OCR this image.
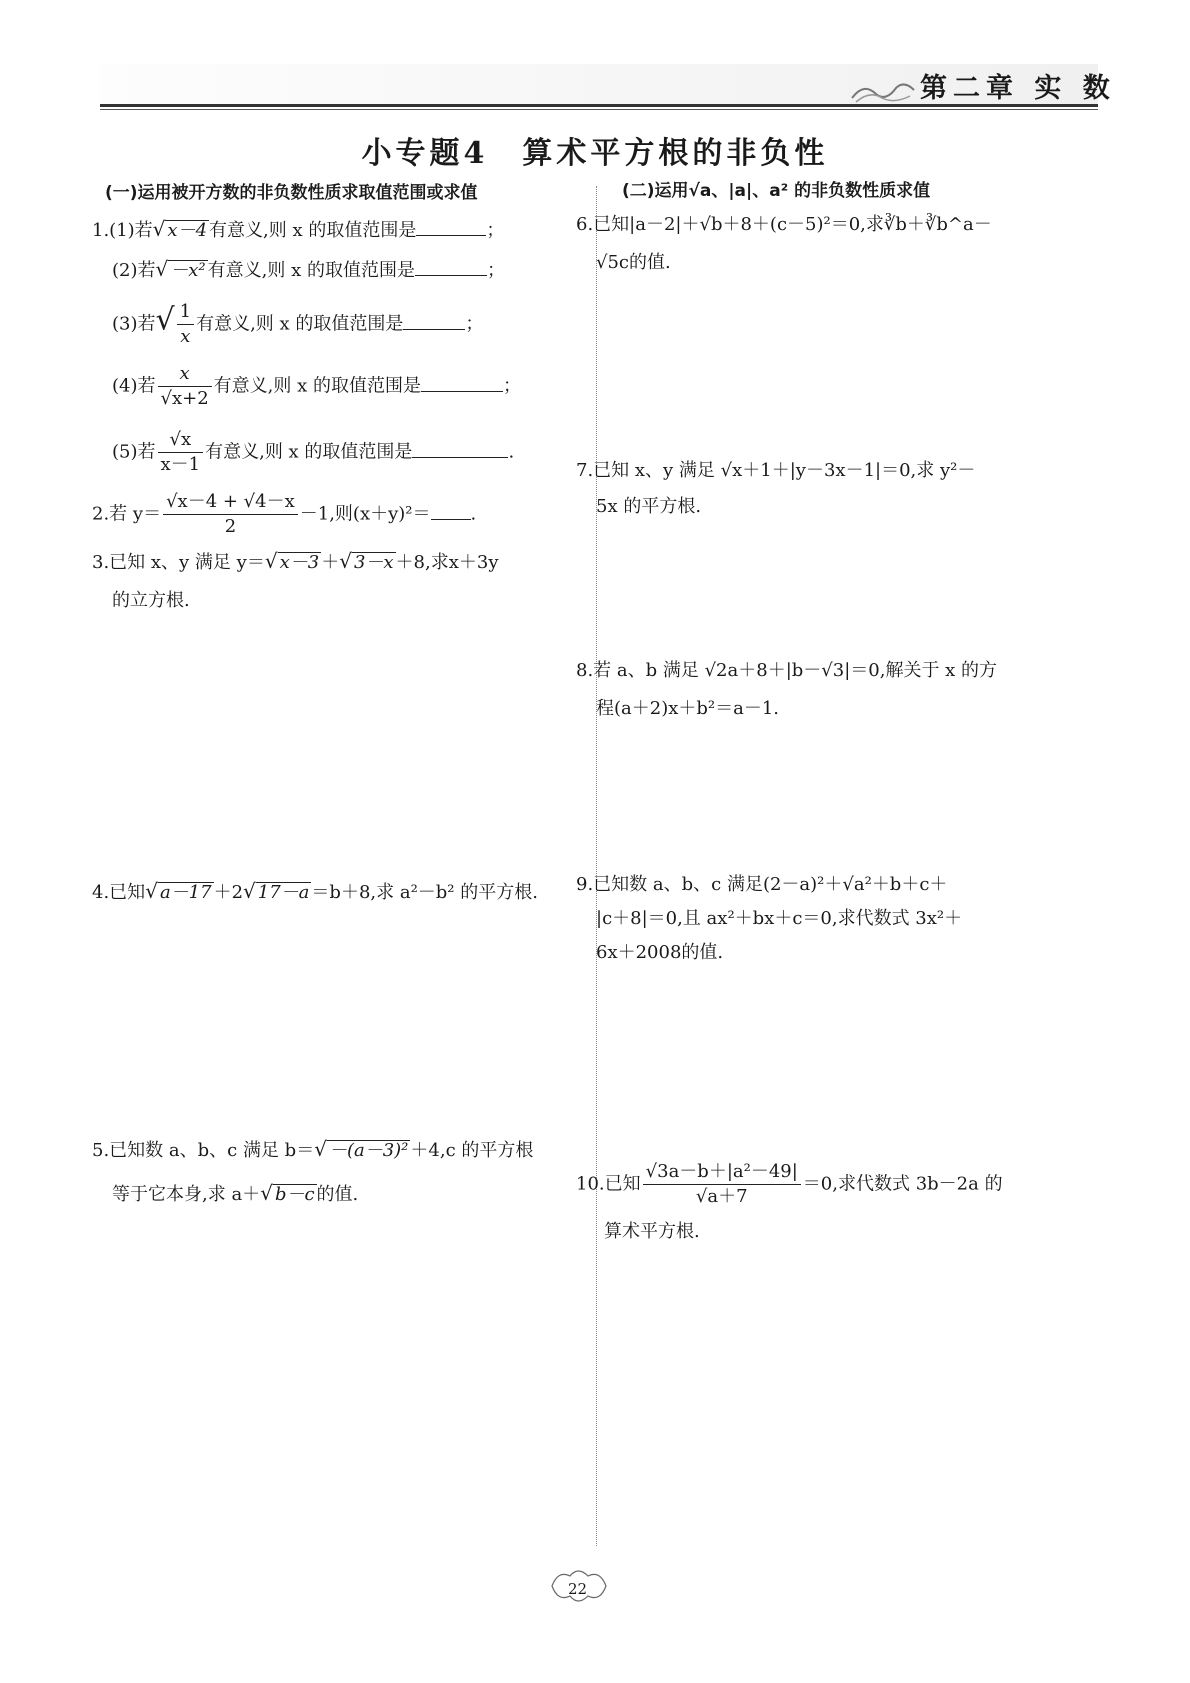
第二章 实 数
小专题4　算术平方根的非负性
(一)运用被开方数的非负数性质求取值范围或求值
1.(1)若√ x－4 有意义,则 x 的取值范围是	；
(2)若√ －x² 有意义,则 x 的取值范围是	；
(3)若√ $\frac{1}{x}$ 有意义,则 x 的取值范围是	；
(4)若 $\frac{x}{√x+2}$ 有意义,则 x 的取值范围是	；
(5)若 $\frac{√x}{x-1}$ 有意义,则 x 的取值范围是	.
2.若 $y= \frac{√x-4 + √4-x}{2} -1$,则(x＋y)²＝ .
3.已知 x、y 满足 y＝√ x－3 ＋√ 3－x ＋8,求x＋3y
的立方根.
4.已知√ a－17 ＋2√ 17－a ＝b＋8,求 a²－b² 的平方根.
5.已知数 a、b、c 满足 b＝√ －(a－3)² ＋4,c 的平方根
等于它本身,求 a＋√ b－c 的值.
(二)运用√a、|a|、a² 的非负数性质求值
6.已知|a－2|＋√b＋8＋(c－5)²＝0,求∛b＋∛b^a－
√5c的值.
7.已知 x、y 满足 √x＋1＋|y－3x－1|＝0,求 y²－
5x 的平方根.
8.若 a、b 满足 √2a＋8＋|b－√3|＝0,解关于 x 的方
程(a＋2)x＋b²＝a－1.
9.已知数 a、b、c 满足(2－a)²＋√a²＋b＋c＋
|c＋8|＝0,且 ax²＋bx＋c＝0,求代数式 3x²＋
6x＋2008的值.
10.已知 $\frac{\text{√3a－b＋|a²－49|}}{√a+7} =0$,求代数式 3b－2a 的
算术平方根.
22
